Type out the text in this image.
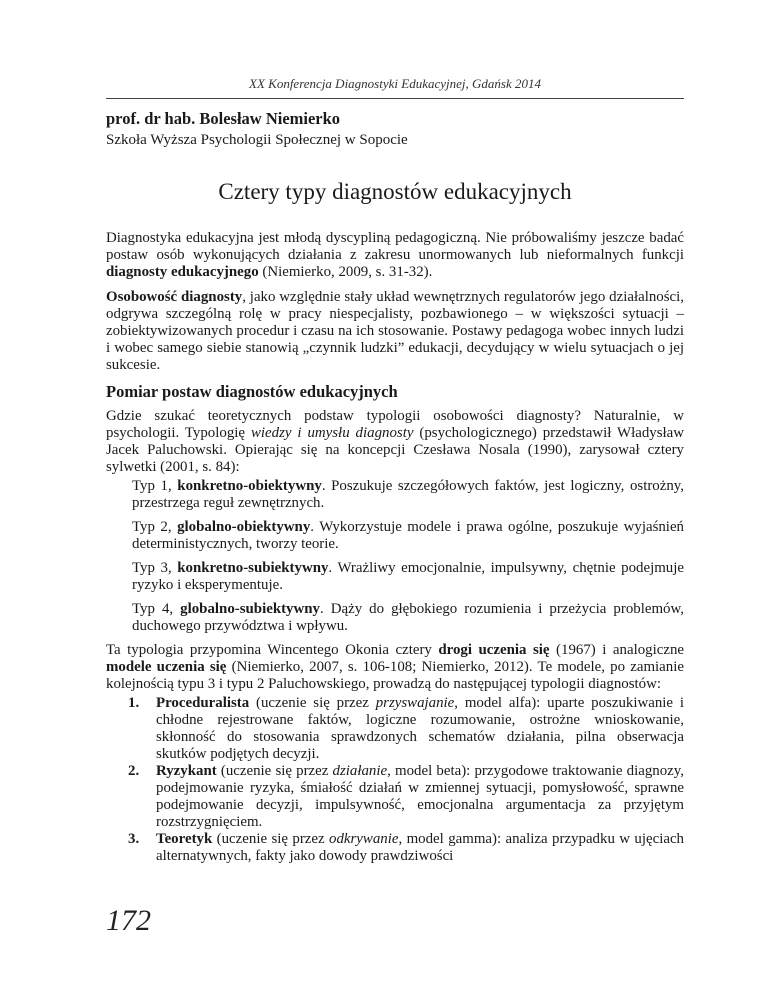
XX Konferencja Diagnostyki Edukacyjnej, Gdańsk 2014
prof. dr hab. Bolesław Niemierko
Szkoła Wyższa Psychologii Społecznej w Sopocie
Cztery typy diagnostów edukacyjnych

Diagnostyka edukacyjna jest młodą dyscypliną pedagogiczną. Nie próbowaliśmy jeszcze badać postaw osób wykonujących działania z zakresu unormowanych lub nieformalnych funkcji diagnosty edukacyjnego (Niemierko, 2009, s. 31-32).

Osobowość diagnosty, jako względnie stały układ wewnętrznych regulatorów jego działalności, odgrywa szczególną rolę w pracy niespecjalisty, pozbawionego – w większości sytuacji – zobiektywizowanych procedur i czasu na ich stosowanie. Postawy pedagoga wobec innych ludzi i wobec samego siebie stanowią „czynnik ludzki” edukacji, decydujący w wielu sytuacjach o jej sukcesie.

Pomiar postaw diagnostów edukacyjnych

Gdzie szukać teoretycznych podstaw typologii osobowości diagnosty? Naturalnie, w psychologii. Typologię wiedzy i umysłu diagnosty (psychologicznego) przedstawił Władysław Jacek Paluchowski. Opierając się na koncepcji Czesława Nosala (1990), zarysował cztery sylwetki (2001, s. 84):

Typ 1, konkretno-obiektywny. Poszukuje szczegółowych faktów, jest logiczny, ostrożny, przestrzega reguł zewnętrznych.

Typ 2, globalno-obiektywny. Wykorzystuje modele i prawa ogólne, poszukuje wyjaśnień deterministycznych, tworzy teorie.

Typ 3, konkretno-subiektywny. Wrażliwy emocjonalnie, impulsywny, chętnie podejmuje ryzyko i eksperymentuje.

Typ 4, globalno-subiektywny. Dąży do głębokiego rozumienia i przeżycia problemów, duchowego przywództwa i wpływu.

Ta typologia przypomina Wincentego Okonia cztery drogi uczenia się (1967) i analogiczne modele uczenia się (Niemierko, 2007, s. 106-108; Niemierko, 2012). Te modele, po zamianie kolejnością typu 3 i typu 2 Paluchowskiego, prowadzą do następującej typologii diagnostów:

1. Proceduralista (uczenie się przez przyswajanie, model alfa): uparte poszukiwanie i chłodne rejestrowane faktów, logiczne rozumowanie, ostrożne wnioskowanie, skłonność do stosowania sprawdzonych schematów działania, pilna obserwacja skutków podjętych decyzji.
2. Ryzykant (uczenie się przez działanie, model beta): przygodowe traktowanie diagnozy, podejmowanie ryzyka, śmiałość działań w zmiennej sytuacji, pomysłowość, sprawne podejmowanie decyzji, impulsywność, emocjonalna argumentacja za przyjętym rozstrzygnięciem.
3. Teoretyk (uczenie się przez odkrywanie, model gamma): analiza przypadku w ujęciach alternatywnych, fakty jako dowody prawdziwości
172
